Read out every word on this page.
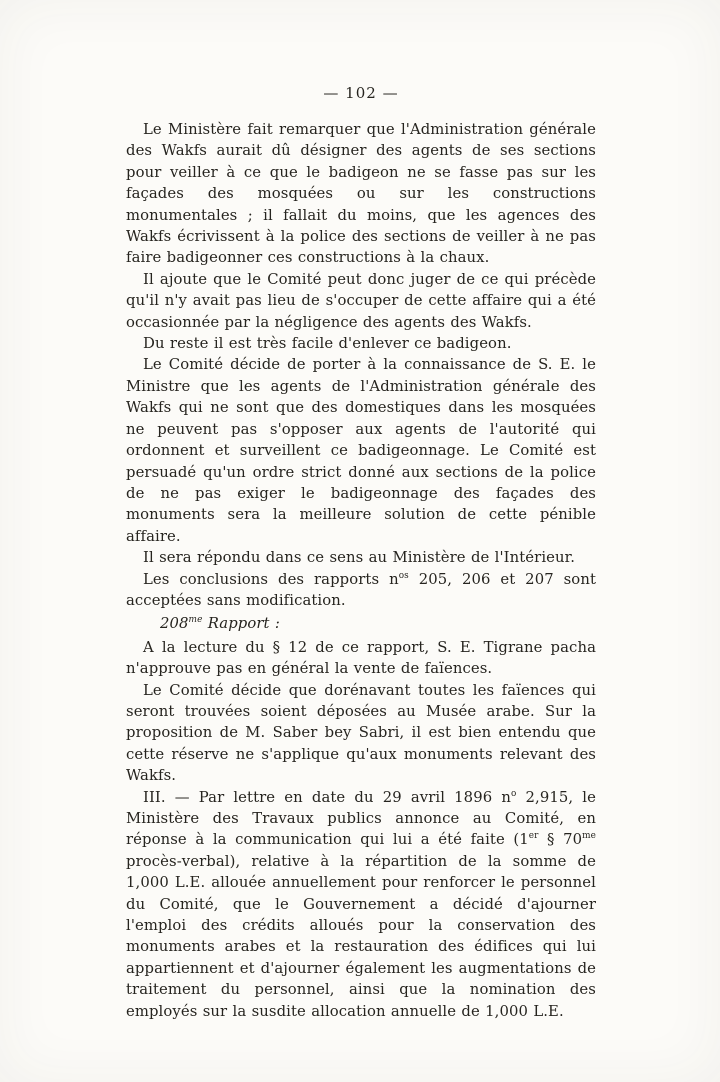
— 102 —

Le Ministère fait remarquer que l'Administration générale des Wakfs aurait dû désigner des agents de ses sections pour veiller à ce que le badigeon ne se fasse pas sur les façades des mosquées ou sur les constructions monumentales ; il fallait du moins, que les agences des Wakfs écrivissent à la police des sections de veiller à ne pas faire badigeonner ces constructions à la chaux.

Il ajoute que le Comité peut donc juger de ce qui précède qu'il n'y avait pas lieu de s'occuper de cette affaire qui a été occasionnée par la négligence des agents des Wakfs.

Du reste il est très facile d'enlever ce badigeon.

Le Comité décide de porter à la connaissance de S. E. le Ministre que les agents de l'Administration générale des Wakfs qui ne sont que des domestiques dans les mosquées ne peuvent pas s'opposer aux agents de l'autorité qui ordonnent et surveillent ce badigeonnage. Le Comité est persuadé qu'un ordre strict donné aux sections de la police de ne pas exiger le badigeonnage des façades des monuments sera la meilleure solution de cette pénible affaire.

Il sera répondu dans ce sens au Ministère de l'Intérieur.

Les conclusions des rapports $n^{os}$ 205, 206 et 207 sont acceptées sans modification.

$208^{me}$ Rapport :

A la lecture du § 12 de ce rapport, S. E. Tigrane pacha n'approuve pas en général la vente de faïences.

Le Comité décide que dorénavant toutes les faïences qui seront trouvées soient déposées au Musée arabe. Sur la proposition de M. Saber bey Sabri, il est bien entendu que cette réserve ne s'applique qu'aux monuments relevant des Wakfs.

III. — Par lettre en date du 29 avril 1896 $n^o$ 2,915, le Ministère des Travaux publics annonce au Comité, en réponse à la communication qui lui a été faite (1er § $70^{me}$ procès-verbal), relative à la répartition de la somme de 1,000 L.E. allouée annuellement pour renforcer le personnel du Comité, que le Gouvernement a décidé d'ajourner l'emploi des crédits alloués pour la conservation des monuments arabes et la restauration des édifices qui lui appartiennent et d'ajourner également les augmentations de traitement du personnel, ainsi que la nomination des employés sur la susdite allocation annuelle de 1,000 L.E.
